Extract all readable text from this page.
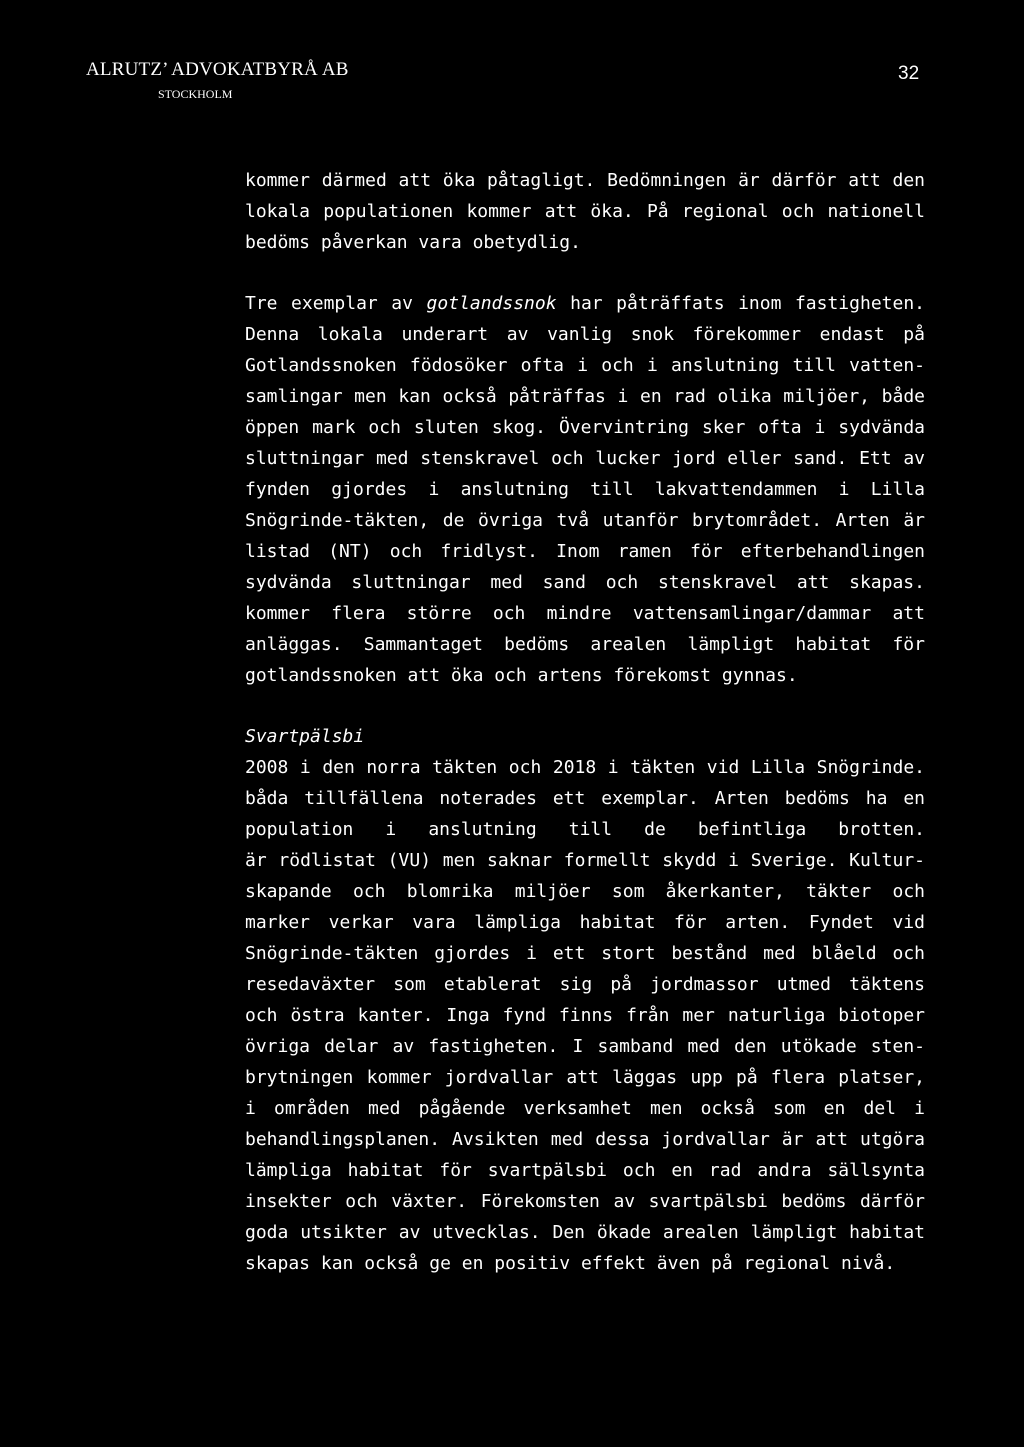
ALRUTZ’ ADVOKATBYRÅ AB
STOCKHOLM
32
kommer därmed att öka påtagligt. Bedömningen är därför att den
lokala populationen kommer att öka. På regional och nationell
bedöms påverkan vara obetydlig.
Tre exemplar av gotlandssnok har påträffats inom fastigheten.
Denna lokala underart av vanlig snok förekommer endast på
Gotlandssnoken födosöker ofta i och i anslutning till vatten-
samlingar men kan också påträffas i en rad olika miljöer, både
öppen mark och sluten skog. Övervintring sker ofta i sydvända
sluttningar med stenskravel och lucker jord eller sand. Ett av
fynden gjordes i anslutning till lakvattendammen i Lilla
Snögrinde-täkten, de övriga två utanför brytområdet. Arten är
listad (NT) och fridlyst. Inom ramen för efterbehandlingen
sydvända sluttningar med sand och stenskravel att skapas.
kommer flera större och mindre vattensamlingar/dammar att
anläggas. Sammantaget bedöms arealen lämpligt habitat för
gotlandssnoken att öka och artens förekomst gynnas.
Svartpälsbi
2008 i den norra täkten och 2018 i täkten vid Lilla Snögrinde.
båda tillfällena noterades ett exemplar. Arten bedöms ha en
population i anslutning till de befintliga brotten.
är rödlistat (VU) men saknar formellt skydd i Sverige. Kultur-
skapande och blomrika miljöer som åkerkanter, täkter och
marker verkar vara lämpliga habitat för arten. Fyndet vid
Snögrinde-täkten gjordes i ett stort bestånd med blåeld och
resedaväxter som etablerat sig på jordmassor utmed täktens
och östra kanter. Inga fynd finns från mer naturliga biotoper
övriga delar av fastigheten. I samband med den utökade sten-
brytningen kommer jordvallar att läggas upp på flera platser,
i områden med pågående verksamhet men också som en del i
behandlingsplanen. Avsikten med dessa jordvallar är att utgöra
lämpliga habitat för svartpälsbi och en rad andra sällsynta
insekter och växter. Förekomsten av svartpälsbi bedöms därför
goda utsikter av utvecklas. Den ökade arealen lämpligt habitat
skapas kan också ge en positiv effekt även på regional nivå.
